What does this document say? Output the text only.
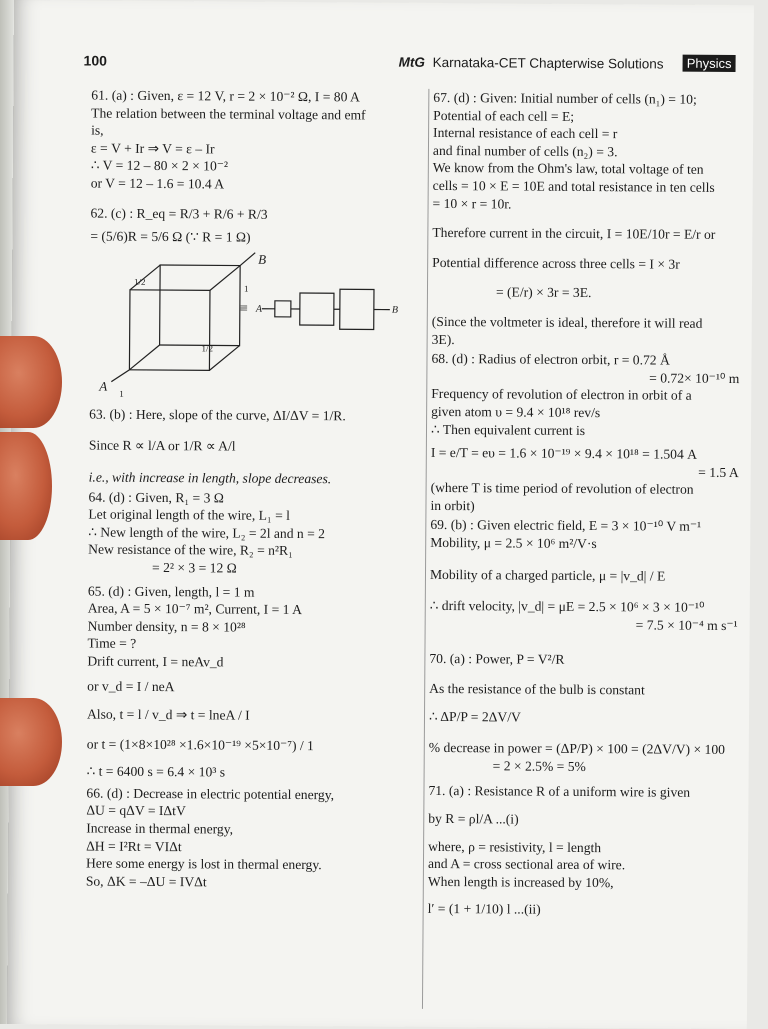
100	MtG Karnataka-CET Chapterwise Solutions	Physics
61. (a) : Given, ε = 12 V, r = 2 × 10⁻² Ω, I = 80 A
The relation between the terminal voltage and emf
is,
ε = V + Ir ⇒ V = ε – Ir
∴ V = 12 – 80 × 2 × 10⁻²
or V = 12 – 1.6 = 10.4 A
62. (c) : R_eq = R/3 + R/6 + R/3
= (5/6)R = 5/6 Ω (∵ R = 1 Ω)
A
B
≡ A	B
1/2
1/2
1
1
63. (b) : Here, slope of the curve, ΔI/ΔV = 1/R.
Since R ∝ l/A or 1/R ∝ A/l
i.e., with increase in length, slope decreases.
64. (d) : Given, R₁ = 3 Ω
Let original length of the wire, L₁ = l
∴ New length of the wire, L₂ = 2l and n = 2
New resistance of the wire, R₂ = n²R₁
= 2² × 3 = 12 Ω
65. (d) : Given, length, l = 1 m
Area, A = 5 × 10⁻⁷ m², Current, I = 1 A
Number density, n = 8 × 10²⁸
Time = ?
Drift current, I = neAv_d
or v_d = I / neA
Also, t = l / v_d ⇒ t = lneA / I
or t = (1×8×10²⁸ ×1.6×10⁻¹⁹ ×5×10⁻⁷) / 1
∴ t = 6400 s = 6.4 × 10³ s
66. (d) : Decrease in electric potential energy,
ΔU = qΔV = IΔtV
Increase in thermal energy,
ΔH = I²Rt = VIΔt
Here some energy is lost in thermal energy.
So, ΔK = –ΔU = IVΔt
67. (d) : Given: Initial number of cells (n₁) = 10;
Potential of each cell = E;
Internal resistance of each cell = r
and final number of cells (n₂) = 3.
We know from the Ohm's law, total voltage of ten
cells = 10 × E = 10E and total resistance in ten cells
= 10 × r = 10r.
Therefore current in the circuit, I = 10E/10r = E/r or
Potential difference across three cells = I × 3r
= (E/r) × 3r = 3E.
(Since the voltmeter is ideal, therefore it will read
3E).
68. (d) : Radius of electron orbit, r = 0.72 Å
= 0.72× 10⁻¹⁰ m
Frequency of revolution of electron in orbit of a
given atom υ = 9.4 × 10¹⁸ rev/s
∴ Then equivalent current is
I = e/T = eυ = 1.6 × 10⁻¹⁹ × 9.4 × 10¹⁸ = 1.504 A
= 1.5 A
(where T is time period of revolution of electron
in orbit)
69. (b) : Given electric field, E = 3 × 10⁻¹⁰ V m⁻¹
Mobility, μ = 2.5 × 10⁶ m²/V·s
Mobility of a charged particle, μ = |v_d| / E
∴ drift velocity, |v_d| = μE = 2.5 × 10⁶ × 3 × 10⁻¹⁰
= 7.5 × 10⁻⁴ m s⁻¹
70. (a) : Power, P = V²/R
As the resistance of the bulb is constant
∴ ΔP/P = 2ΔV/V
% decrease in power = (ΔP/P) × 100 = (2ΔV/V) × 100
= 2 × 2.5% = 5%
71. (a) : Resistance R of a uniform wire is given
by R = ρl/A ...(i)
where, ρ = resistivity, l = length
and A = cross sectional area of wire.
When length is increased by 10%,
l′ = (1 + 1/10) l ...(ii)
